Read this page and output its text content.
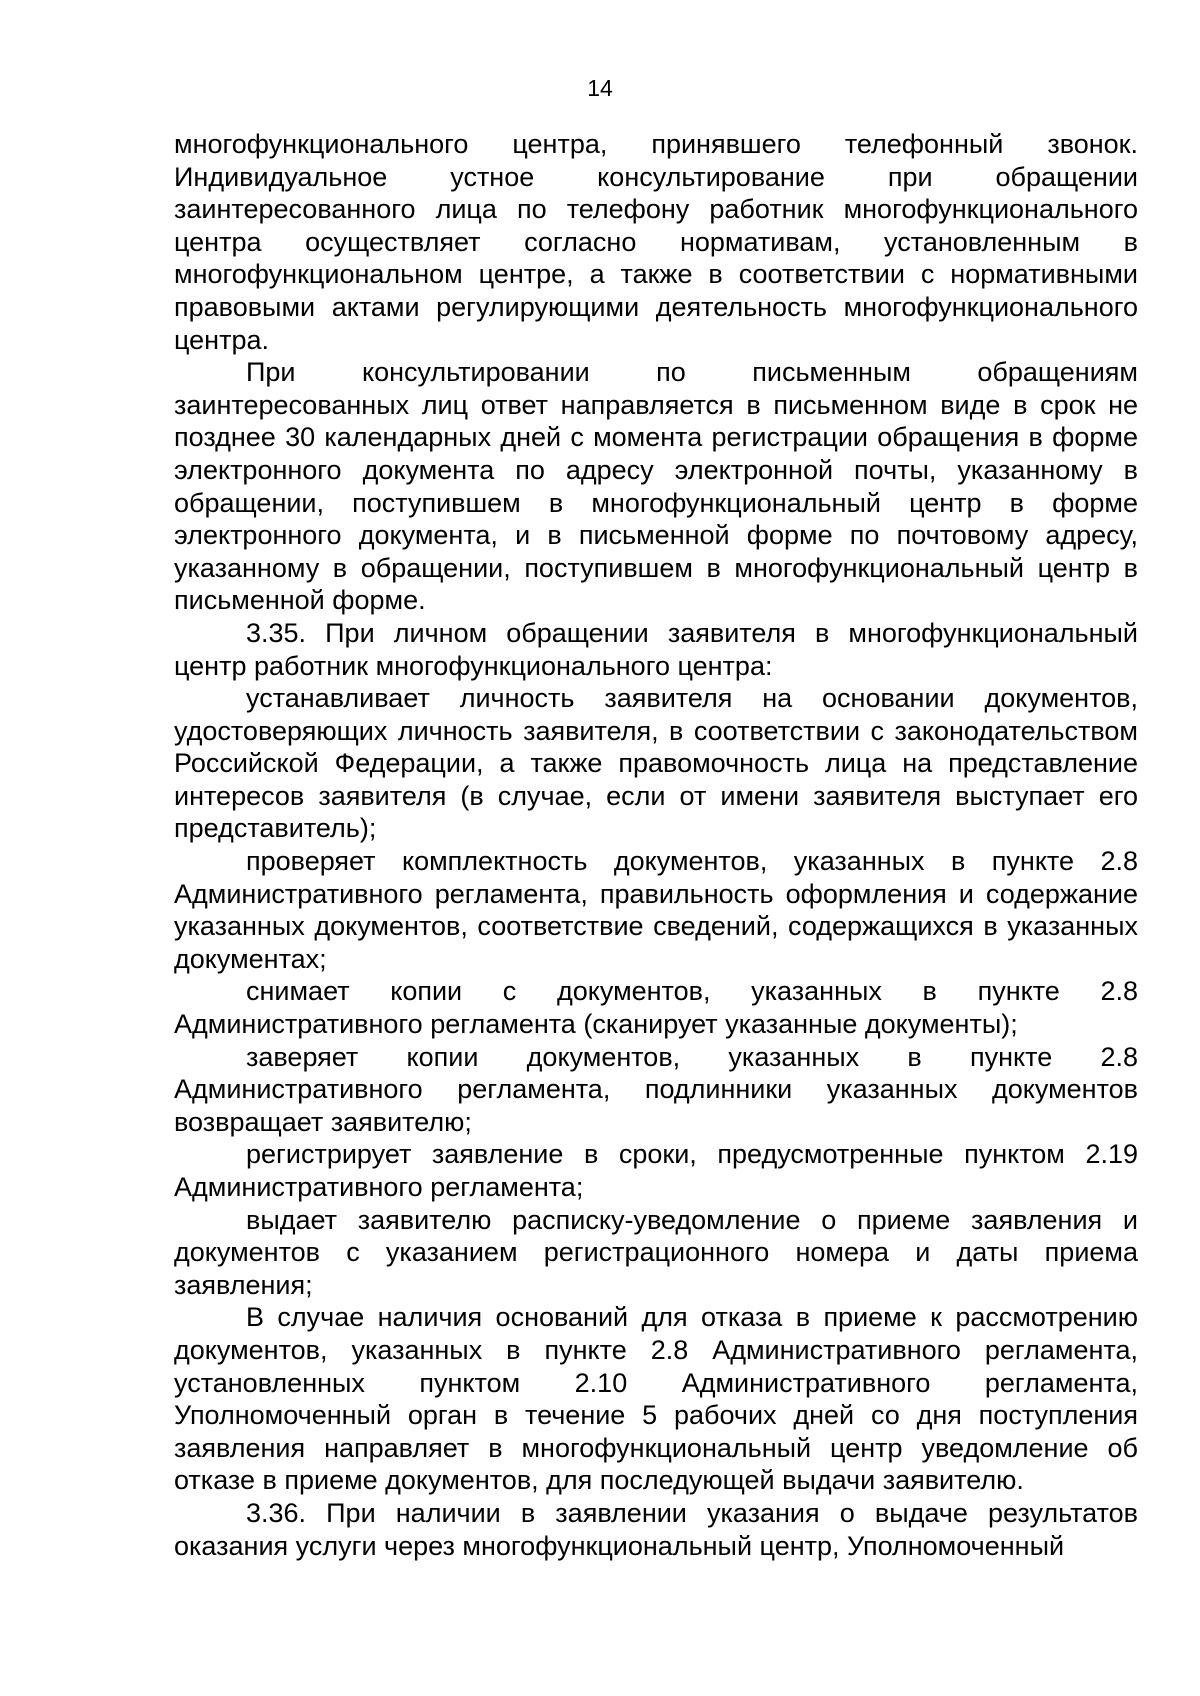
14

многофункционального центра, принявшего телефонный звонок. Индивидуальное устное консультирование при обращении заинтересованного лица по телефону работник многофункционального центра осуществляет согласно нормативам, установленным в многофункциональном центре, а также в соответствии с нормативными правовыми актами регулирующими деятельность многофункционального центра.

При консультировании по письменным обращениям заинтересованных лиц ответ направляется в письменном виде в срок не позднее 30 календарных дней с момента регистрации обращения в форме электронного документа по адресу электронной почты, указанному в обращении, поступившем в многофункциональный центр в форме электронного документа, и в письменной форме по почтовому адресу, указанному в обращении, поступившем в многофункциональный центр в письменной форме.

3.35. При личном обращении заявителя в многофункциональный центр работник многофункционального центра:

устанавливает личность заявителя на основании документов, удостоверяющих личность заявителя, в соответствии с законодательством Российской Федерации, а также правомочность лица на представление интересов заявителя (в случае, если от имени заявителя выступает его представитель);

проверяет комплектность документов, указанных в пункте 2.8 Административного регламента, правильность оформления и содержание указанных документов, соответствие сведений, содержащихся в указанных документах;

снимает копии с документов, указанных в пункте 2.8 Административного регламента (сканирует указанные документы);

заверяет копии документов, указанных в пункте 2.8 Административного регламента, подлинники указанных документов возвращает заявителю;

регистрирует заявление в сроки, предусмотренные пунктом 2.19 Административного регламента;

выдает заявителю расписку-уведомление о приеме заявления и документов с указанием регистрационного номера и даты приема заявления;

В случае наличия оснований для отказа в приеме к рассмотрению документов, указанных в пункте 2.8 Административного регламента, установленных пунктом 2.10 Административного регламента, Уполномоченный орган в течение 5 рабочих дней со дня поступления заявления направляет в многофункциональный центр уведомление об отказе в приеме документов, для последующей выдачи заявителю.

3.36. При наличии в заявлении указания о выдаче результатов оказания услуги через многофункциональный центр, Уполномоченный
